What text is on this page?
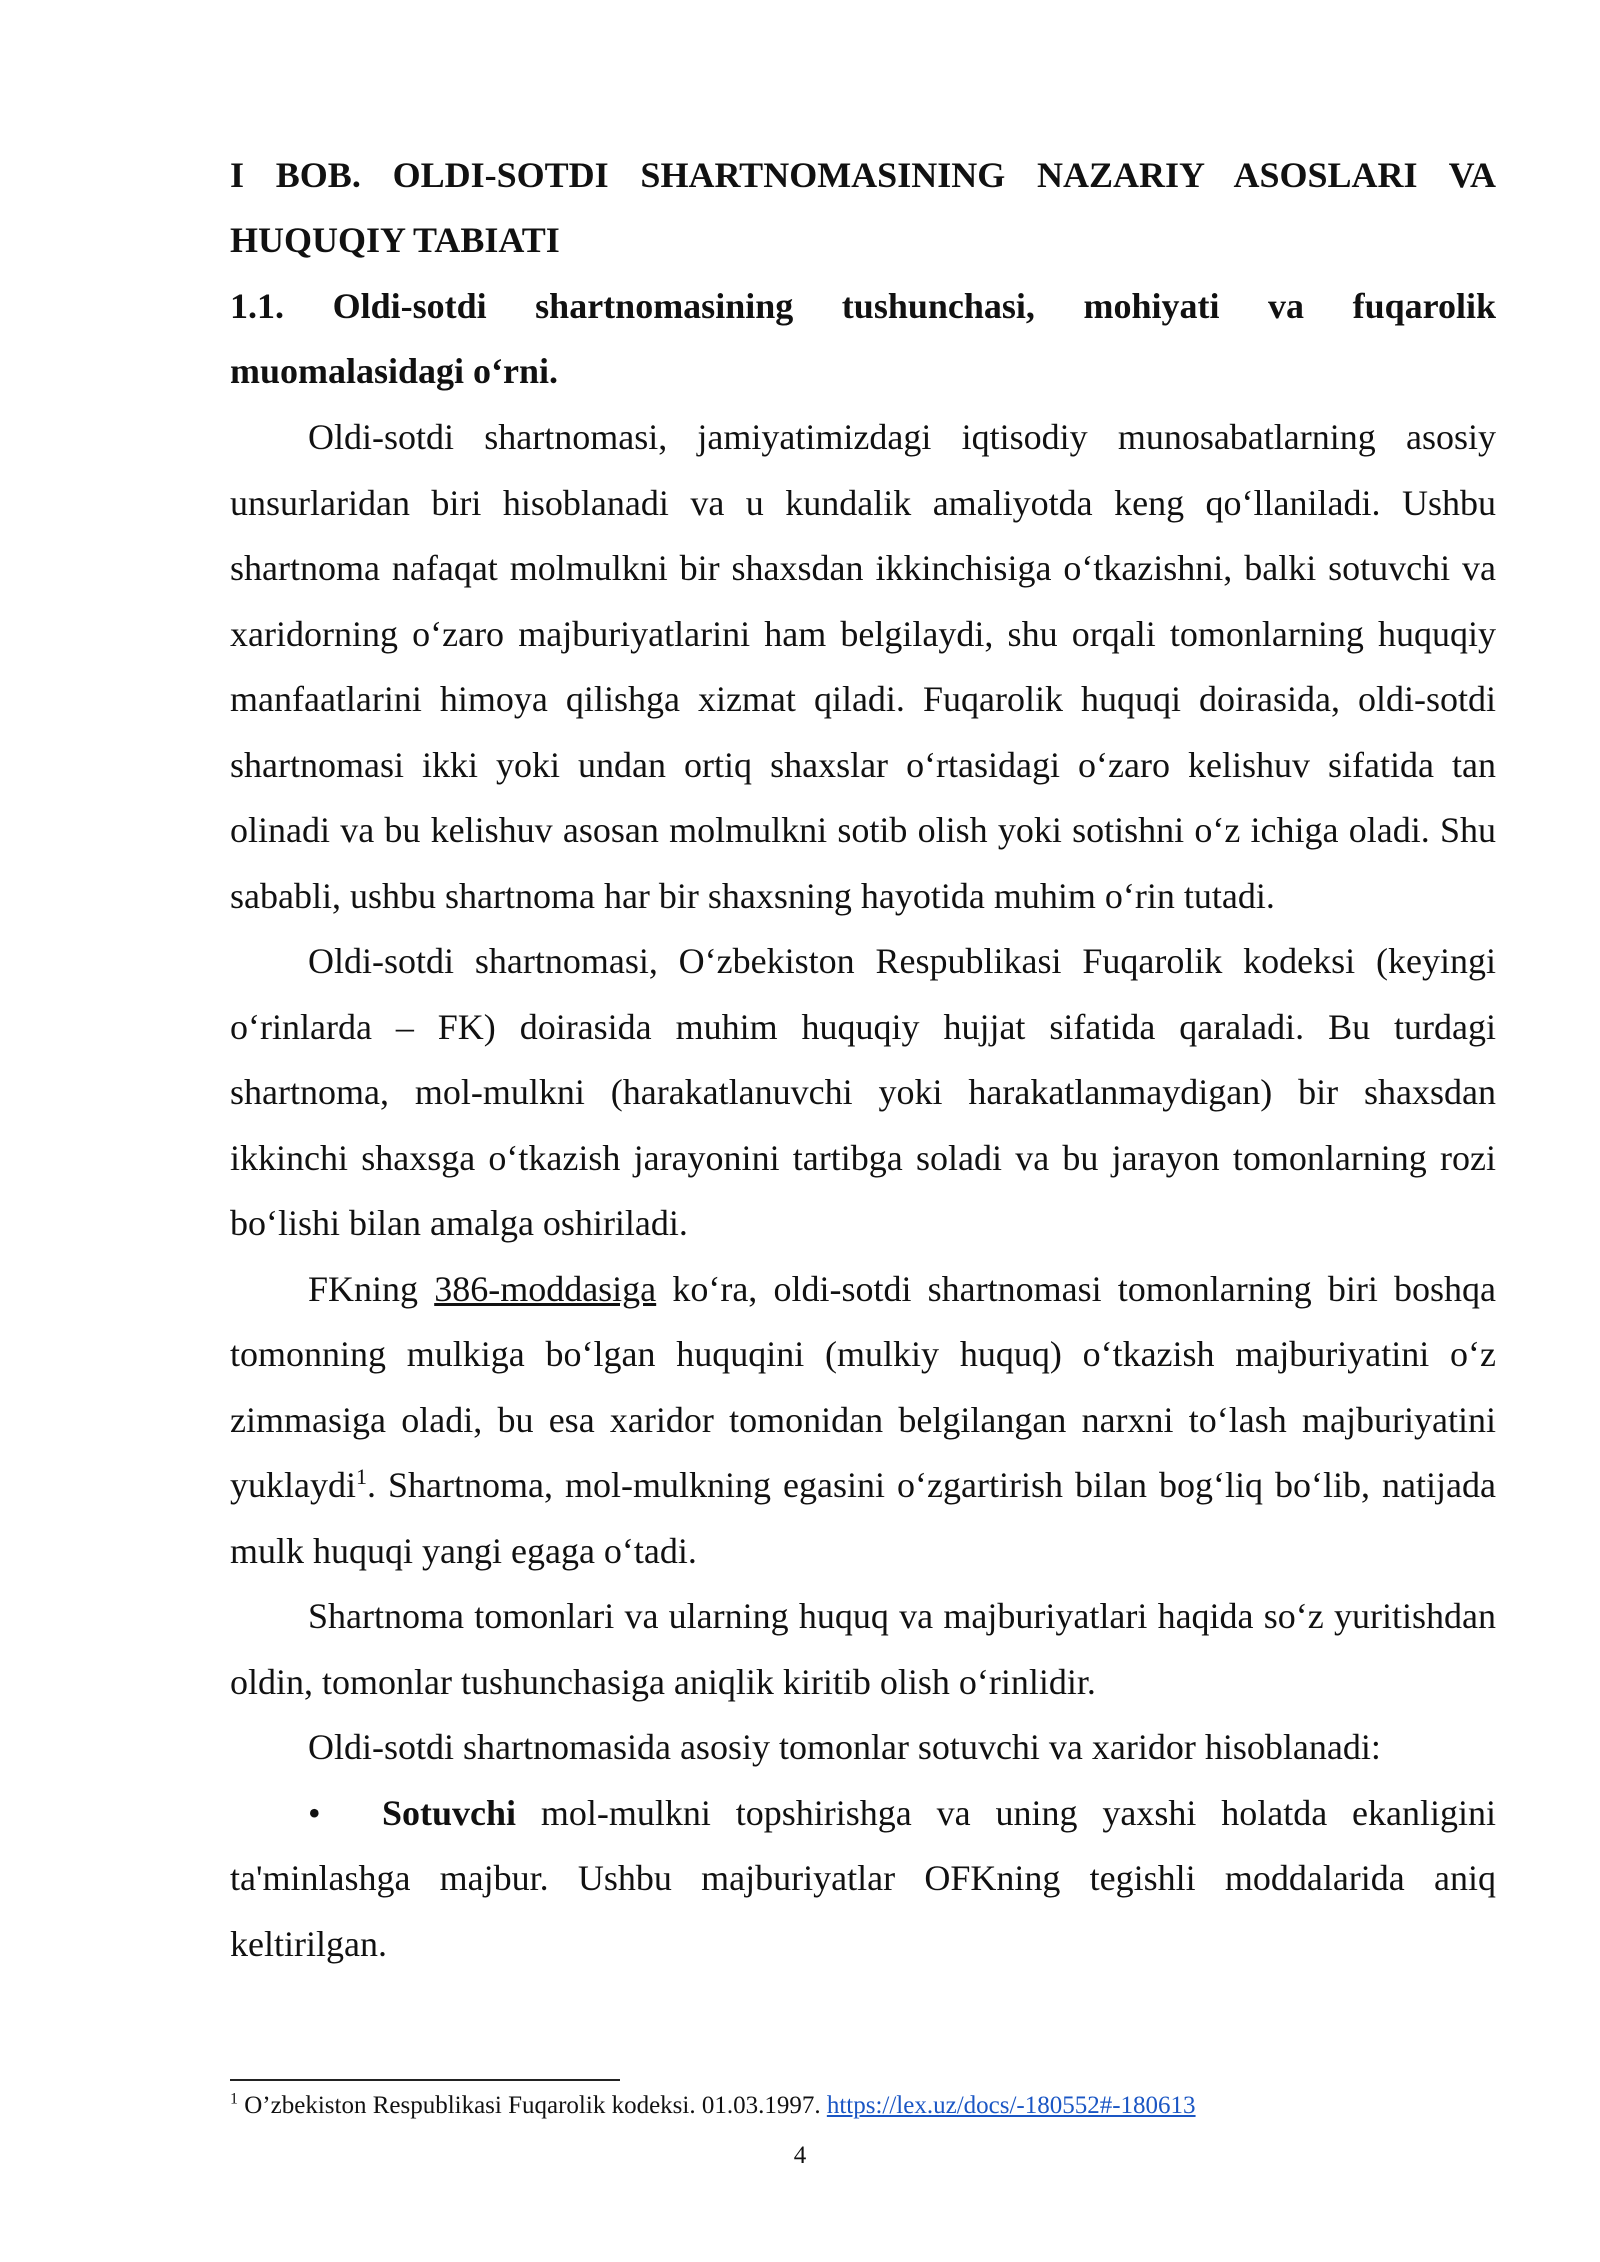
I BOB. OLDI-SOTDI SHARTNOMASINING NAZARIY ASOSLARI VA HUQUQIY TABIATI
1.1. Oldi-sotdi shartnomasining tushunchasi, mohiyati va fuqarolik muomalasidagi o‘rni.

Oldi-sotdi shartnomasi, jamiyatimizdagi iqtisodiy munosabatlarning asosiy unsurlaridan biri hisoblanadi va u kundalik amaliyotda keng qo‘llaniladi. Ushbu shartnoma nafaqat molmulkni bir shaxsdan ikkinchisiga o‘tkazishni, balki sotuvchi va xaridorning o‘zaro majburiyatlarini ham belgilaydi, shu orqali tomonlarning huquqiy manfaatlarini himoya qilishga xizmat qiladi. Fuqarolik huquqi doirasida, oldi-sotdi shartnomasi ikki yoki undan ortiq shaxslar o‘rtasidagi o‘zaro kelishuv sifatida tan olinadi va bu kelishuv asosan molmulkni sotib olish yoki sotishni o‘z ichiga oladi. Shu sababli, ushbu shartnoma har bir shaxsning hayotida muhim o‘rin tutadi.

Oldi-sotdi shartnomasi, O‘zbekiston Respublikasi Fuqarolik kodeksi (keyingi o‘rinlarda – FK) doirasida muhim huquqiy hujjat sifatida qaraladi. Bu turdagi shartnoma, mol-mulkni (harakatlanuvchi yoki harakatlanmaydigan) bir shaxsdan ikkinchi shaxsga o‘tkazish jarayonini tartibga soladi va bu jarayon tomonlarning rozi bo‘lishi bilan amalga oshiriladi.

FKning 386-moddasiga ko‘ra, oldi-sotdi shartnomasi tomonlarning biri boshqa tomonning mulkiga bo‘lgan huquqini (mulkiy huquq) o‘tkazish majburiyatini o‘z zimmasiga oladi, bu esa xaridor tomonidan belgilangan narxni to‘lash majburiyatini yuklaydi$^1$. Shartnoma, mol-mulkning egasini o‘zgartirish bilan bog‘liq bo‘lib, natijada mulk huquqi yangi egaga o‘tadi.

Shartnoma tomonlari va ularning huquq va majburiyatlari haqida so‘z yuritishdan oldin, tomonlar tushunchasiga aniqlik kiritib olish o‘rinlidir.

Oldi-sotdi shartnomasida asosiy tomonlar sotuvchi va xaridor hisoblanadi:

• Sotuvchi mol-mulkni topshirishga va uning yaxshi holatda ekanligini ta'minlashga majbur. Ushbu majburiyatlar OFKning tegishli moddalarida aniq keltirilgan.

$^1$ O’zbekiston Respublikasi Fuqarolik kodeksi. 01.03.1997. https://lex.uz/docs/-180552#-180613
4
